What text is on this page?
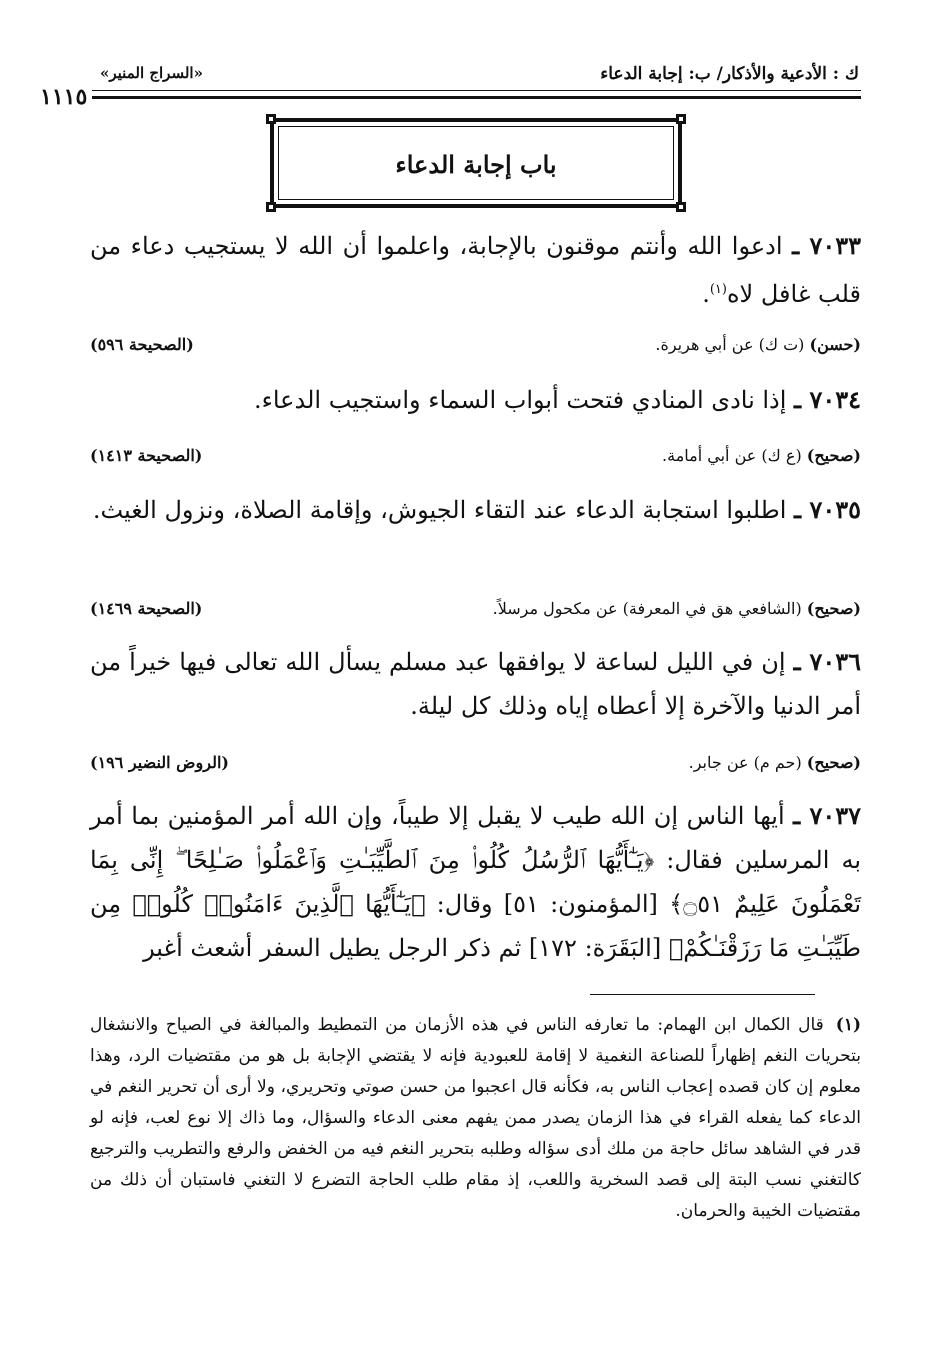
ك : الأدعية والأذكار/ ب: إجابة الدعاء
«السراج المنير»
١١١٥
باب إجابة الدعاء
٧٠٣٣ ـ ادعوا الله وأنتم موقنون بالإجابة، واعلموا أن الله لا يستجيب دعاء من قلب غافل لاه$^{(١)}$.
(حسن) (ت ك) عن أبي هريرة.
(الصحيحة ٥٩٦)
٧٠٣٤ ـ إذا نادى المنادي فتحت أبواب السماء واستجيب الدعاء.
(صحيح) (ع ك) عن أبي أمامة.
(الصحيحة ١٤١٣)
٧٠٣٥ ـ اطلبوا استجابة الدعاء عند التقاء الجيوش، وإقامة الصلاة، ونزول الغيث.
(صحيح) (الشافعي هق في المعرفة) عن مكحول مرسلاً.
(الصحيحة ١٤٦٩)
٧٠٣٦ ـ إن في الليل لساعة لا يوافقها عبد مسلم يسأل الله تعالى فيها خيراً من أمر الدنيا والآخرة إلا أعطاه إياه وذلك كل ليلة.
(صحيح) (حم م) عن جابر.
(الروض النضير ١٩٦)
٧٠٣٧ ـ أيها الناس إن الله طيب لا يقبل إلا طيباً، وإن الله أمر المؤمنين بما أمر به المرسلين فقال: ﴿يَـٰٓأَيُّهَا ٱلرُّسُلُ كُلُوا۟ مِنَ ٱلطَّيِّبَـٰتِ وَٱعْمَلُوا۟ صَـٰلِحًا ۖ إِنِّى بِمَا تَعْمَلُونَ عَلِيمٌ ۝٥١﴾ [المؤمنون: ٥١] وقال: ﴿يَـٰٓأَيُّهَا ٱلَّذِينَ ءَامَنُوا۟ كُلُوا۟ مِن طَيِّبَـٰتِ مَا رَزَقْنَـٰكُمْ﴾ [البَقَرَة: ١٧٢] ثم ذكر الرجل يطيل السفر أشعث أغبر
(١)قال الكمال ابن الهمام: ما تعارفه الناس في هذه الأزمان من التمطيط والمبالغة في الصياح والانشغال بتحريات النغم إظهاراً للصناعة النغمية لا إقامة للعبودية فإنه لا يقتضي الإجابة بل هو من مقتضيات الرد، وهذا معلوم إن كان قصده إعجاب الناس به، فكأنه قال اعجبوا من حسن صوتي وتحريري، ولا أرى أن تحرير النغم في الدعاء كما يفعله القراء في هذا الزمان يصدر ممن يفهم معنى الدعاء والسؤال، وما ذاك إلا نوع لعب، فإنه لو قدر في الشاهد سائل حاجة من ملك أدى سؤاله وطلبه بتحرير النغم فيه من الخفض والرفع والتطريب والترجيع كالتغني نسب البتة إلى قصد السخرية واللعب، إذ مقام طلب الحاجة التضرع لا التغني فاستبان أن ذلك من مقتضيات الخيبة والحرمان.
